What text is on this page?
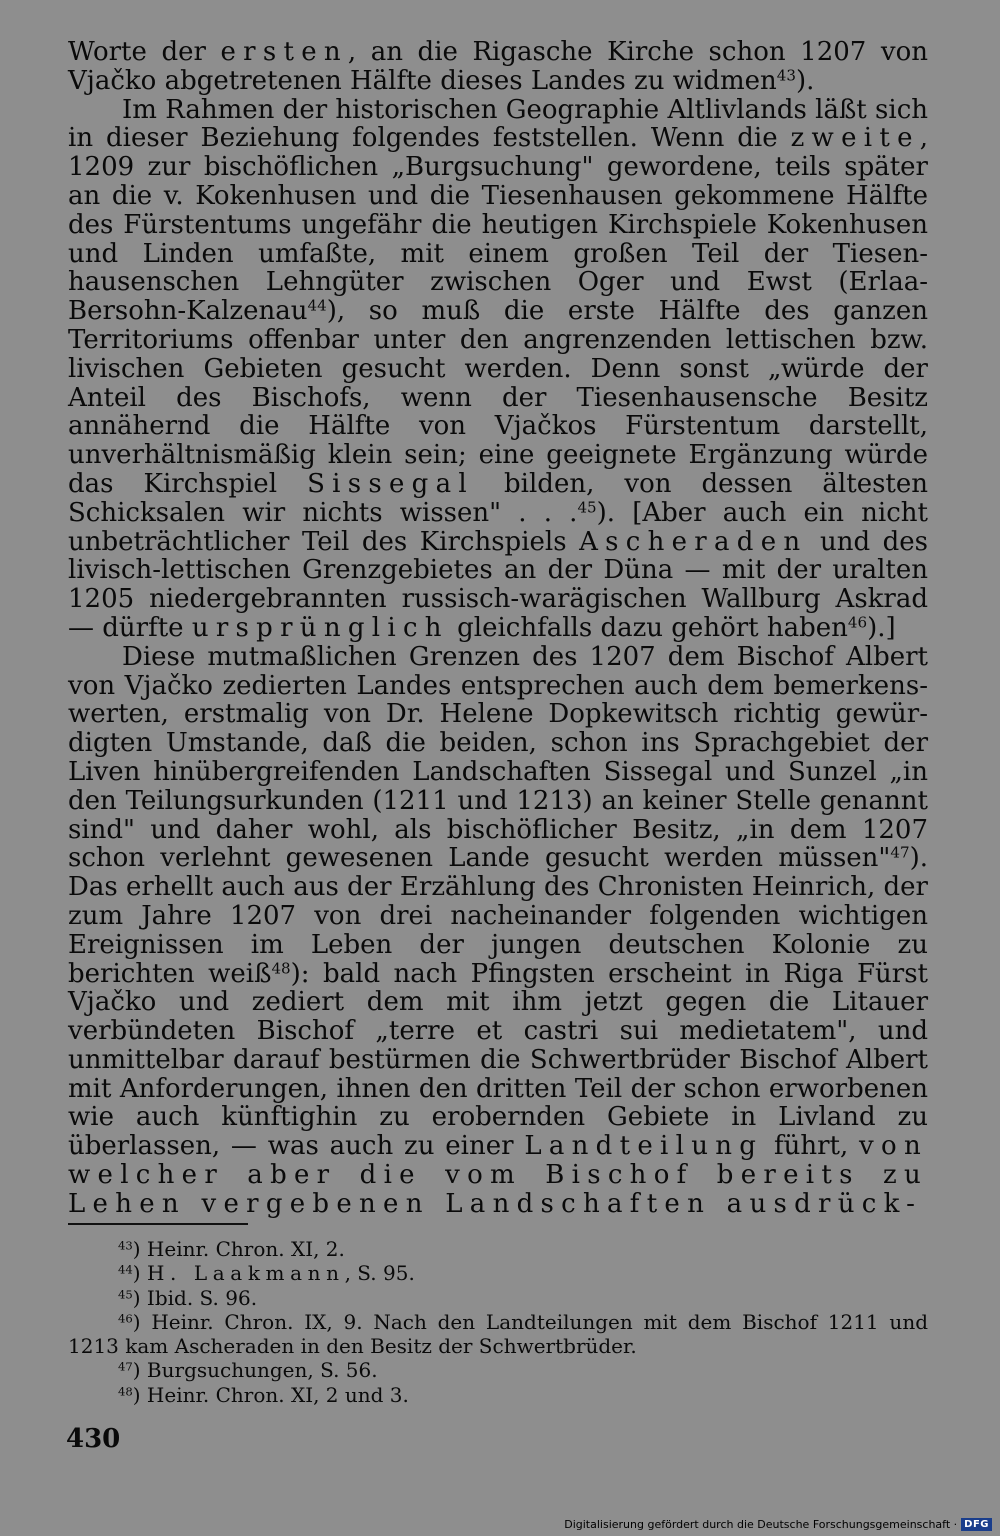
Worte der ersten, an die Rigasche Kirche schon 1207 von Vjačko abgetretenen Hälfte dieses Landes zu widmen$^{43}$).

Im Rahmen der historischen Geographie Altlivlands läßt sich in dieser Beziehung folgendes feststellen. Wenn die zweite, 1209 zur bischöflichen „Burgsuchung" gewordene, teils später an die v. Kokenhusen und die Tiesenhausen gekommene Hälfte des Fürstentums ungefähr die heutigen Kirchspiele Kokenhusen und Linden umfaßte, mit einem großen Teil der Tiesenhausenschen Lehngüter zwischen Oger und Ewst (Erlaa-Bersohn-Kalzenau$^{44}$), so muß die erste Hälfte des ganzen Territoriums offenbar unter den angrenzenden lettischen bzw. livischen Gebieten gesucht werden. Denn sonst „würde der Anteil des Bischofs, wenn der Tiesenhausensche Besitz annähernd die Hälfte von Vjačkos Fürstentum darstellt, unverhältnismäßig klein sein; eine geeignete Ergänzung würde das Kirchspiel Sissegal bilden, von dessen ältesten Schicksalen wir nichts wissen" . . .$^{45}$). [Aber auch ein nicht unbeträchtlicher Teil des Kirchspiels Ascheraden und des livisch-lettischen Grenzgebietes an der Düna — mit der uralten 1205 niedergebrannten russisch-warägischen Wallburg Askrad — dürfte ursprünglich gleichfalls dazu gehört haben$^{46}$).]

Diese mutmaßlichen Grenzen des 1207 dem Bischof Albert von Vjačko zedierten Landes entsprechen auch dem bemerkenswerten, erstmalig von Dr. Helene Dopkewitsch richtig gewürdigten Umstande, daß die beiden, schon ins Sprachgebiet der Liven hinübergreifenden Landschaften Sissegal und Sunzel „in den Teilungsurkunden (1211 und 1213) an keiner Stelle genannt sind" und daher wohl, als bischöflicher Besitz, „in dem 1207 schon verlehnt gewesenen Lande gesucht werden müssen"$^{47}$). Das erhellt auch aus der Erzählung des Chronisten Heinrich, der zum Jahre 1207 von drei nacheinander folgenden wichtigen Ereignissen im Leben der jungen deutschen Kolonie zu berichten weiß$^{48}$): bald nach Pfingsten erscheint in Riga Fürst Vjačko und zediert dem mit ihm jetzt gegen die Litauer verbündeten Bischof „terre et castri sui medietatem", und unmittelbar darauf bestürmen die Schwertbrüder Bischof Albert mit Anforderungen, ihnen den dritten Teil der schon erworbenen wie auch künftighin zu erobernden Gebiete in Livland zu überlassen, — was auch zu einer Landteilung führt, von welcher aber die vom Bischof bereits zu Lehen vergebenen Landschaften ausdrück-

$^{43}$) Heinr. Chron. XI, 2.

$^{44}$) H. Laakmann, S. 95.

$^{45}$) Ibid. S. 96.

$^{46}$) Heinr. Chron. IX, 9. Nach den Landteilungen mit dem Bischof 1211 und 1213 kam Ascheraden in den Besitz der Schwertbrüder.

$^{47}$) Burgsuchungen, S. 56.

$^{48}$) Heinr. Chron. XI, 2 und 3.

430
Digitalisierung gefördert durch die Deutsche Forschungsgemeinschaft · DFG
